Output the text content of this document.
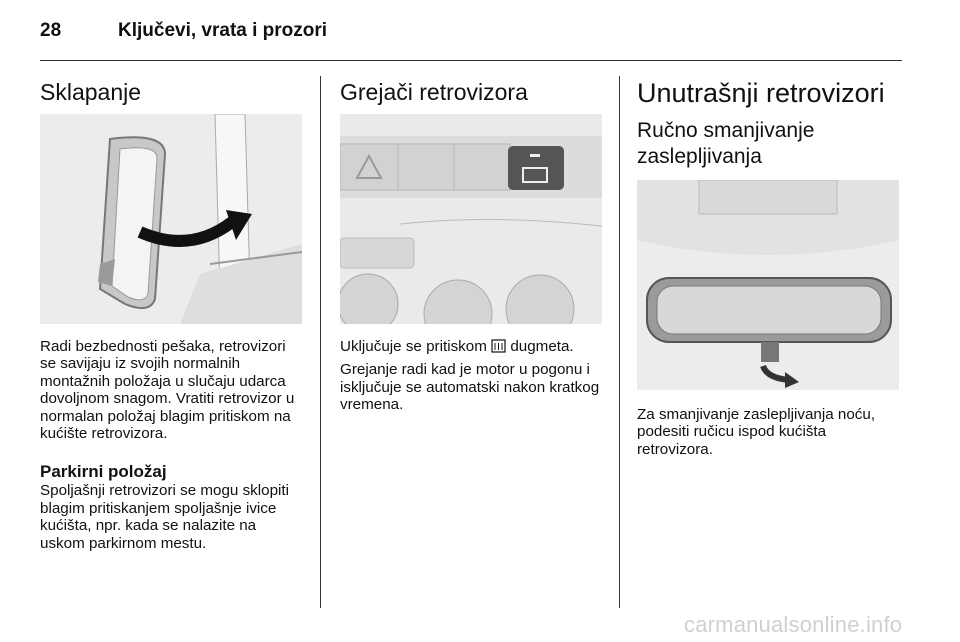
28	Ključevi, vrata i prozori
Sklapanje

Radi bezbednosti pešaka, retrovizori se savijaju iz svojih normalnih montažnih položaja u slučaju udarca dovoljnom snagom. Vratiti retrovizor u normalan položaj blagim pritiskom na kućište retrovizora.

Parkirni položaj

Spoljašnji retrovizori se mogu sklopiti blagim pritiskanjem spoljašnje ivice kućišta, npr. kada se nalazite na uskom parkirnom mestu.

Grejači retrovizora

Uključuje se pritiskom dugmeta.

Grejanje radi kad je motor u pogonu i isključuje se automatski nakon kratkog vremena.

Unutrašnji retrovizori
Ručno smanjivanje zaslepljivanja

Za smanjivanje zaslepljivanja noću, podesiti ručicu ispod kućišta retrovizora.

carmanualsonline.info
